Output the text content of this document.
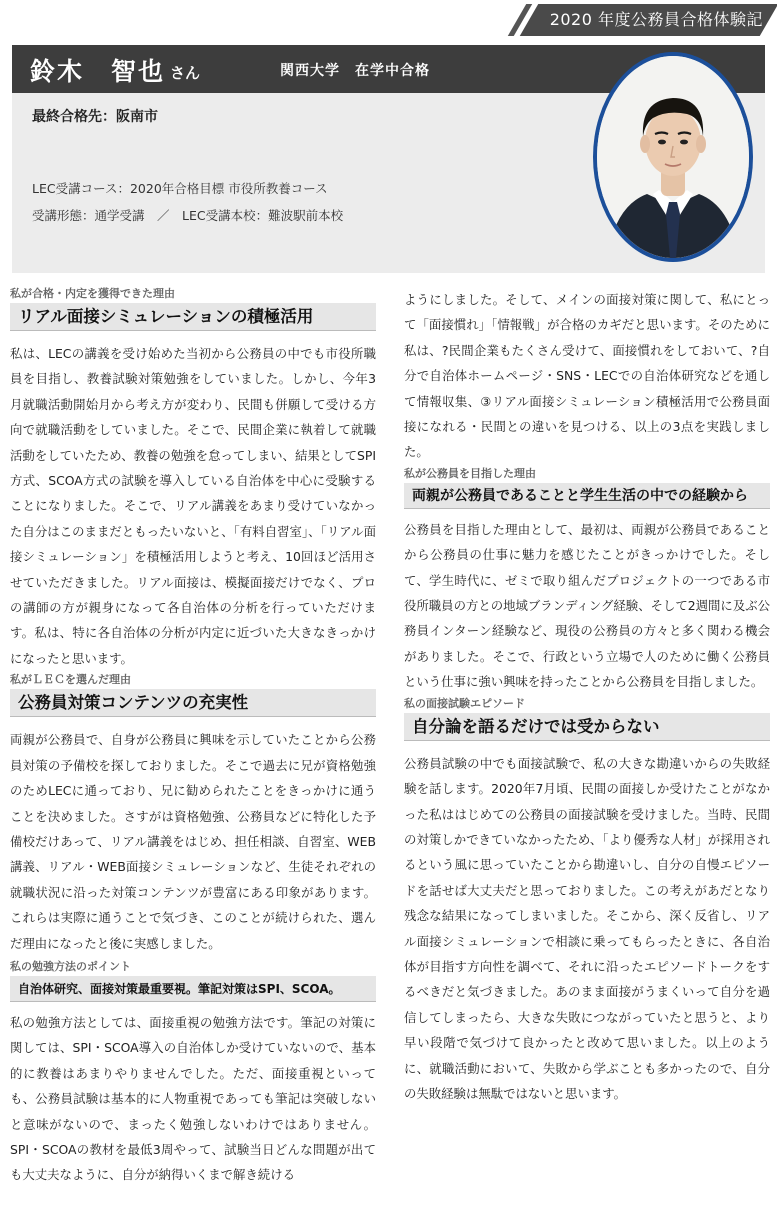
2020 年度公務員合格体験記
鈴木　智也 さん	関西大学　在学中合格
最終合格先：阪南市
LEC受講コース：2020年合格目標 市役所教養コース
受講形態：通学受講　／　LEC受講本校：難波駅前本校
私が合格・内定を獲得できた理由
リアル面接シミュレーションの積極活用
私は、LECの講義を受け始めた当初から公務員の中でも市役所職員を目指し、教養試験対策勉強をしていました。しかし、今年3月就職活動開始月から考え方が変わり、民間も併願して受ける方向で就職活動をしていました。そこで、民間企業に執着して就職活動をしていたため、教養の勉強を怠ってしまい、結果としてSPI方式、SCOA方式の試験を導入している自治体を中心に受験することになりました。そこで、リアル講義をあまり受けていなかった自分はこのままだともったいないと、「有料自習室」、「リアル面接シミュレーション」を積極活用しようと考え、10回ほど活用させていただきました。リアル面接は、模擬面接だけでなく、プロの講師の方が親身になって各自治体の分析を行っていただけます。私は、特に各自治体の分析が内定に近づいた大きなきっかけになったと思います。
私がＬＥＣを選んだ理由
公務員対策コンテンツの充実性
両親が公務員で、自身が公務員に興味を示していたことから公務員対策の予備校を探しておりました。そこで過去に兄が資格勉強のためLECに通っており、兄に勧められたことをきっかけに通うことを決めました。さすがは資格勉強、公務員などに特化した予備校だけあって、リアル講義をはじめ、担任相談、自習室、WEB講義、リアル・WEB面接シミュレーションなど、生徒それぞれの就職状況に沿った対策コンテンツが豊富にある印象があります。これらは実際に通うことで気づき、このことが続けられた、選んだ理由になったと後に実感しました。
私の勉強方法のポイント
自治体研究、面接対策最重要視。筆記対策はSPI、SCOA。
私の勉強方法としては、面接重視の勉強方法です。筆記の対策に関しては、SPI・SCOA導入の自治体しか受けていないので、基本的に教養はあまりやりませんでした。ただ、面接重視といっても、公務員試験は基本的に人物重視であっても筆記は突破しないと意味がないので、まったく勉強しないわけではありません。SPI・SCOAの教材を最低3周やって、試験当日どんな問題が出ても大丈夫なように、自分が納得いくまで解き続ける
ようにしました。そして、メインの面接対策に関して、私にとって「面接慣れ」「情報戦」が合格のカギだと思います。そのために私は、?民間企業もたくさん受けて、面接慣れをしておいて、?自分で自治体ホームページ・SNS・LECでの自治体研究などを通して情報収集、③リアル面接シミュレーション積極活用で公務員面接になれる・民間との違いを見つける、以上の3点を実践しました。
私が公務員を目指した理由
両親が公務員であることと学生生活の中での経験から
公務員を目指した理由として、最初は、両親が公務員であることから公務員の仕事に魅力を感じたことがきっかけでした。そして、学生時代に、ゼミで取り組んだプロジェクトの一つである市役所職員の方との地域ブランディング経験、そして2週間に及ぶ公務員インターン経験など、現役の公務員の方々と多く関わる機会がありました。そこで、行政という立場で人のために働く公務員という仕事に強い興味を持ったことから公務員を目指しました。
私の面接試験エピソード
自分論を語るだけでは受からない
公務員試験の中でも面接試験で、私の大きな勘違いからの失敗経験を話します。2020年7月頃、民間の面接しか受けたことがなかった私ははじめての公務員の面接試験を受けました。当時、民間の対策しかできていなかったため、「より優秀な人材」が採用されるという風に思っていたことから勘違いし、自分の自慢エピソードを話せば大丈夫だと思っておりました。この考えがあだとなり残念な結果になってしまいました。そこから、深く反省し、リアル面接シミュレーションで相談に乗ってもらったときに、各自治体が目指す方向性を調べて、それに沿ったエピソードトークをするべきだと気づきました。あのまま面接がうまくいって自分を過信してしまったら、大きな失敗につながっていたと思うと、より早い段階で気づけて良かったと改めて思いました。以上のように、就職活動において、失敗から学ぶことも多かったので、自分の失敗経験は無駄ではないと思います。
